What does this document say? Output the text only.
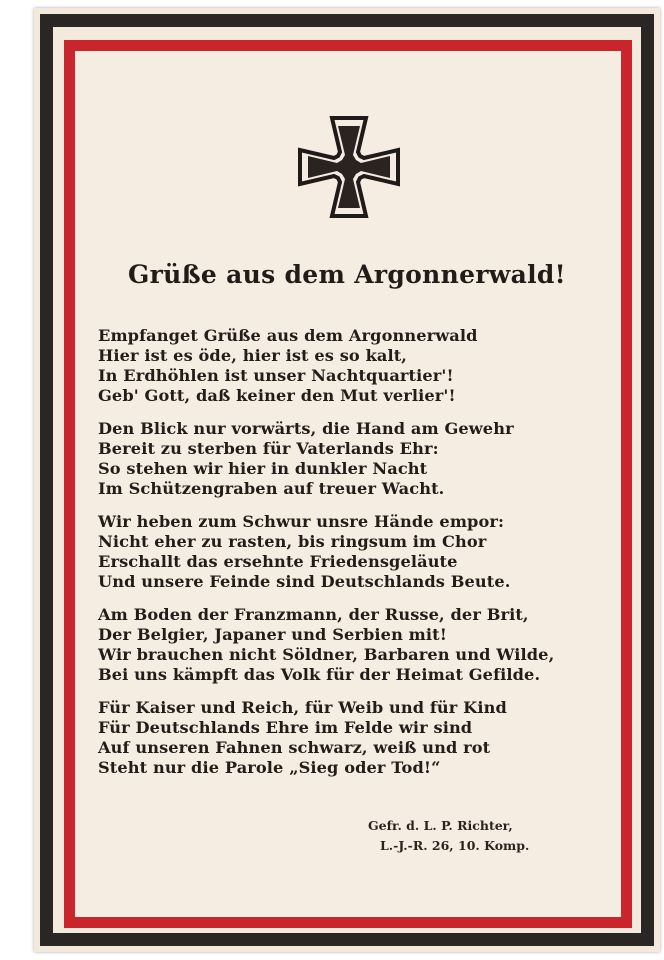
Grüße aus dem Argonnerwald!
Empfanget Grüße aus dem Argonnerwald
Hier ist es öde, hier ist es so kalt,
In Erdhöhlen ist unser Nachtquartier'!
Geb' Gott, daß keiner den Mut verlier'!
Den Blick nur vorwärts, die Hand am Gewehr
Bereit zu sterben für Vaterlands Ehr:
So stehen wir hier in dunkler Nacht
Im Schützengraben auf treuer Wacht.
Wir heben zum Schwur unsre Hände empor:
Nicht eher zu rasten, bis ringsum im Chor
Erschallt das ersehnte Friedensgeläute
Und unsere Feinde sind Deutschlands Beute.
Am Boden der Franzmann, der Russe, der Brit,
Der Belgier, Japaner und Serbien mit!
Wir brauchen nicht Söldner, Barbaren und Wilde,
Bei uns kämpft das Volk für der Heimat Gefilde.
Für Kaiser und Reich, für Weib und für Kind
Für Deutschlands Ehre im Felde wir sind
Auf unseren Fahnen schwarz, weiß und rot
Steht nur die Parole „Sieg oder Tod!“
Gefr. d. L. P. Richter,
L.-J.-R. 26, 10. Komp.
